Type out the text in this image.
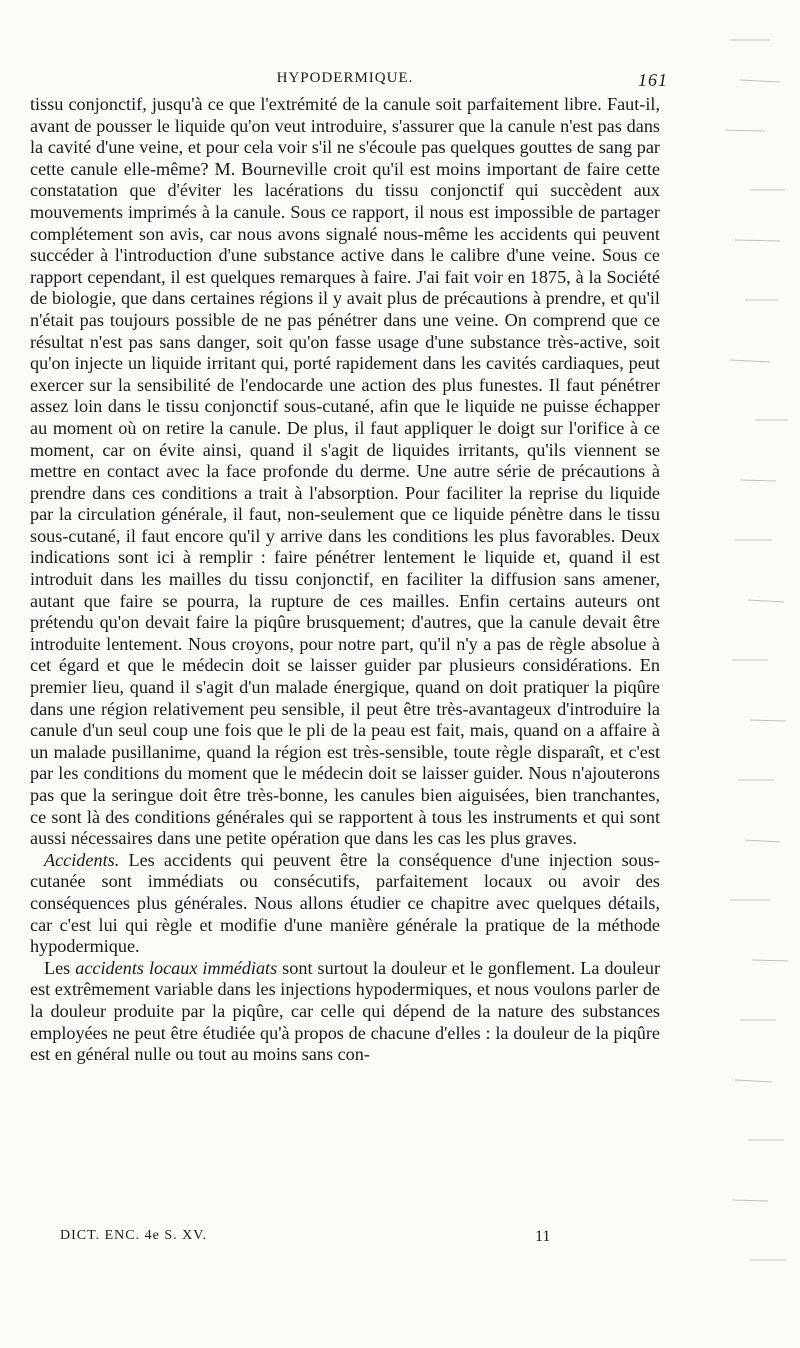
HYPODERMIQUE.	161

tissu conjonctif, jusqu'à ce que l'extrémité de la canule soit parfaitement libre. Faut-il, avant de pousser le liquide qu'on veut introduire, s'assurer que la canule n'est pas dans la cavité d'une veine, et pour cela voir s'il ne s'écoule pas quelques gouttes de sang par cette canule elle-même? M. Bourneville croit qu'il est moins important de faire cette constatation que d'éviter les lacérations du tissu conjonctif qui succèdent aux mouvements imprimés à la canule. Sous ce rapport, il nous est impossible de partager complétement son avis, car nous avons signalé nous-même les accidents qui peuvent succéder à l'introduction d'une substance active dans le calibre d'une veine. Sous ce rapport cependant, il est quelques remarques à faire. J'ai fait voir en 1875, à la Société de biologie, que dans certaines régions il y avait plus de précautions à prendre, et qu'il n'était pas toujours possible de ne pas pénétrer dans une veine. On comprend que ce résultat n'est pas sans danger, soit qu'on fasse usage d'une substance très-active, soit qu'on injecte un liquide irritant qui, porté rapidement dans les cavités cardiaques, peut exercer sur la sensibilité de l'endocarde une action des plus funestes. Il faut pénétrer assez loin dans le tissu conjonctif sous-cutané, afin que le liquide ne puisse échapper au moment où on retire la canule. De plus, il faut appliquer le doigt sur l'orifice à ce moment, car on évite ainsi, quand il s'agit de liquides irritants, qu'ils viennent se mettre en contact avec la face profonde du derme. Une autre série de précautions à prendre dans ces conditions a trait à l'absorption. Pour faciliter la reprise du liquide par la circulation générale, il faut, non-seulement que ce liquide pénètre dans le tissu sous-cutané, il faut encore qu'il y arrive dans les conditions les plus favorables. Deux indications sont ici à remplir : faire pénétrer lentement le liquide et, quand il est introduit dans les mailles du tissu conjonctif, en faciliter la diffusion sans amener, autant que faire se pourra, la rupture de ces mailles. Enfin certains auteurs ont prétendu qu'on devait faire la piqûre brusquement; d'autres, que la canule devait être introduite lentement. Nous croyons, pour notre part, qu'il n'y a pas de règle absolue à cet égard et que le médecin doit se laisser guider par plusieurs considérations. En premier lieu, quand il s'agit d'un malade énergique, quand on doit pratiquer la piqûre dans une région relativement peu sensible, il peut être très-avantageux d'introduire la canule d'un seul coup une fois que le pli de la peau est fait, mais, quand on a affaire à un malade pusillanime, quand la région est très-sensible, toute règle disparaît, et c'est par les conditions du moment que le médecin doit se laisser guider. Nous n'ajouterons pas que la seringue doit être très-bonne, les canules bien aiguisées, bien tranchantes, ce sont là des conditions générales qui se rapportent à tous les instruments et qui sont aussi nécessaires dans une petite opération que dans les cas les plus graves.

Accidents. Les accidents qui peuvent être la conséquence d'une injection sous-cutanée sont immédiats ou consécutifs, parfaitement locaux ou avoir des conséquences plus générales. Nous allons étudier ce chapitre avec quelques détails, car c'est lui qui règle et modifie d'une manière générale la pratique de la méthode hypodermique.

Les accidents locaux immédiats sont surtout la douleur et le gonflement. La douleur est extrêmement variable dans les injections hypodermiques, et nous voulons parler de la douleur produite par la piqûre, car celle qui dépend de la nature des substances employées ne peut être étudiée qu'à propos de chacune d'elles : la douleur de la piqûre est en général nulle ou tout au moins sans con-

DICT. ENC. 4e S. XV.	11
